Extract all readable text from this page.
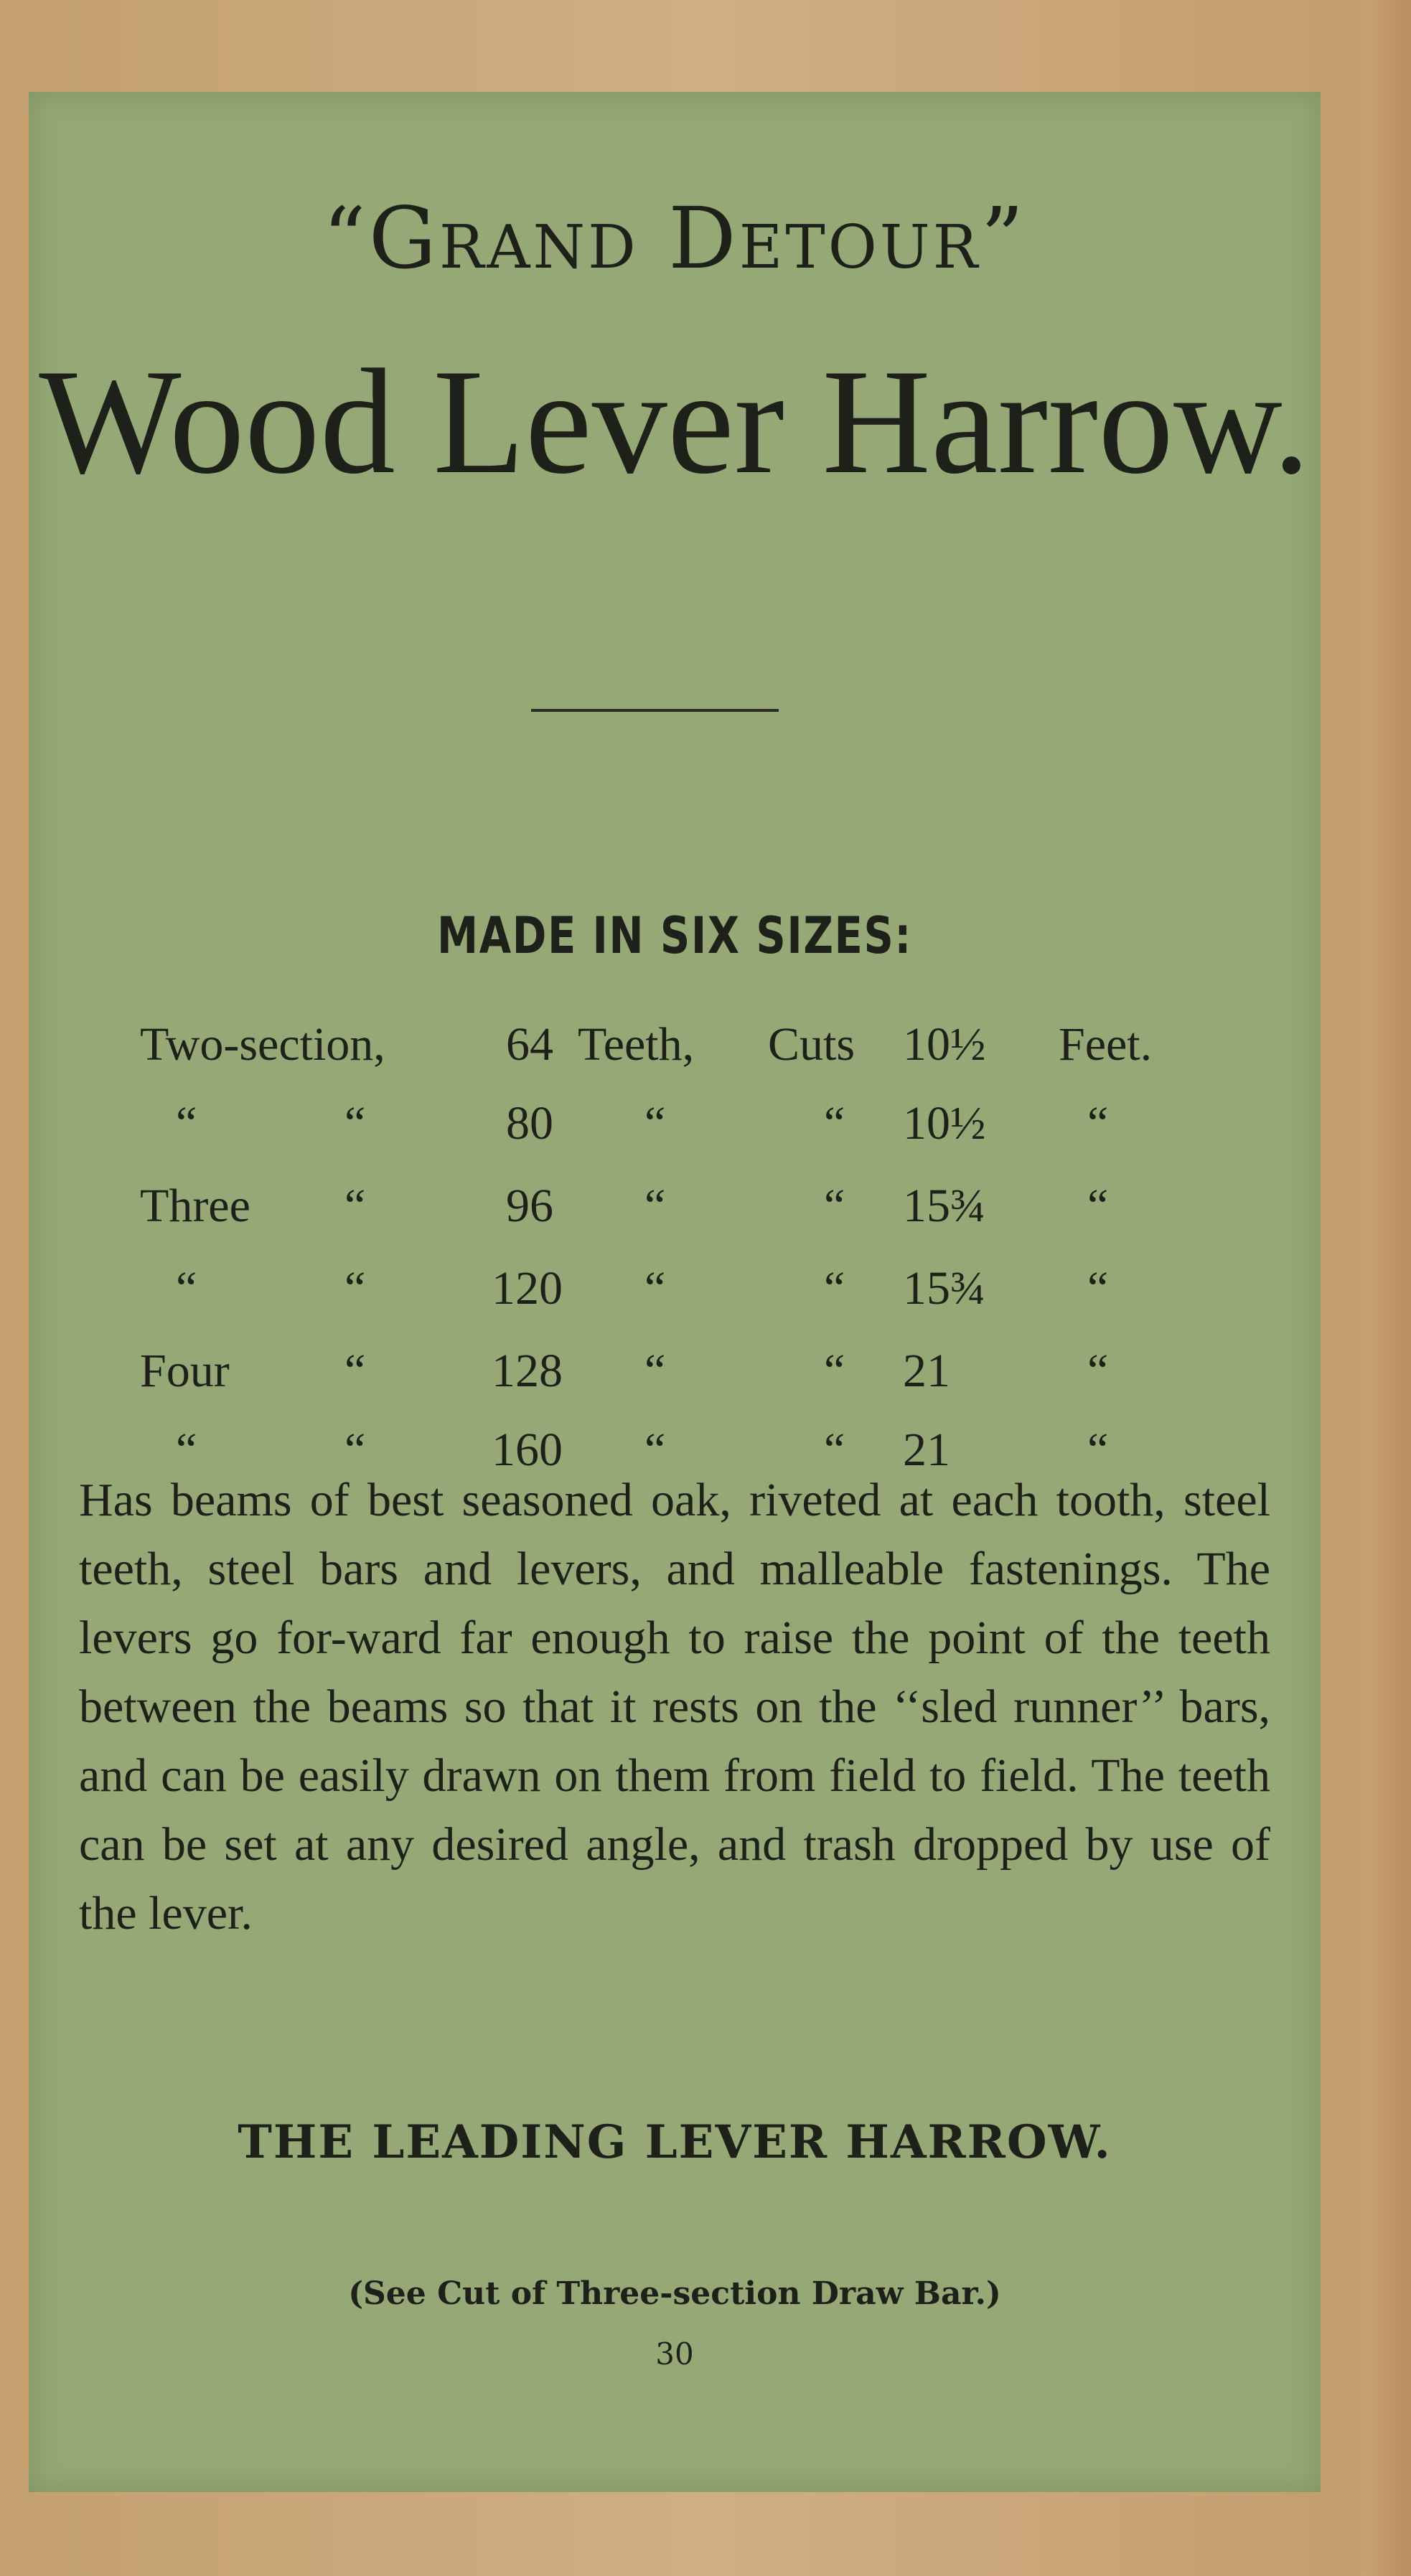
“Grand Detour”
Wood Lever Harrow.
MADE IN SIX SIZES:
Two-section,	64 Teeth, Cuts 10½ Feet.
“	“	80 “	“ 10½ “
Three “	96 “	“ 15¾ “
“	“	120 “	“ 15¾ “
Four “	128 “	“ 21	“
“	“	160 “	“ 21	“
Has beams of best seasoned oak, riveted at each tooth, steel teeth, steel bars and levers, and malleable fastenings. The levers go for-ward far enough to raise the point of the teeth between the beams so that it rests on the ‘‘sled runner’’ bars, and can be easily drawn on them from field to field. The teeth can be set at any desired angle, and trash dropped by use of the lever.
THE LEADING LEVER HARROW.
(See Cut of Three-section Draw Bar.)
30
